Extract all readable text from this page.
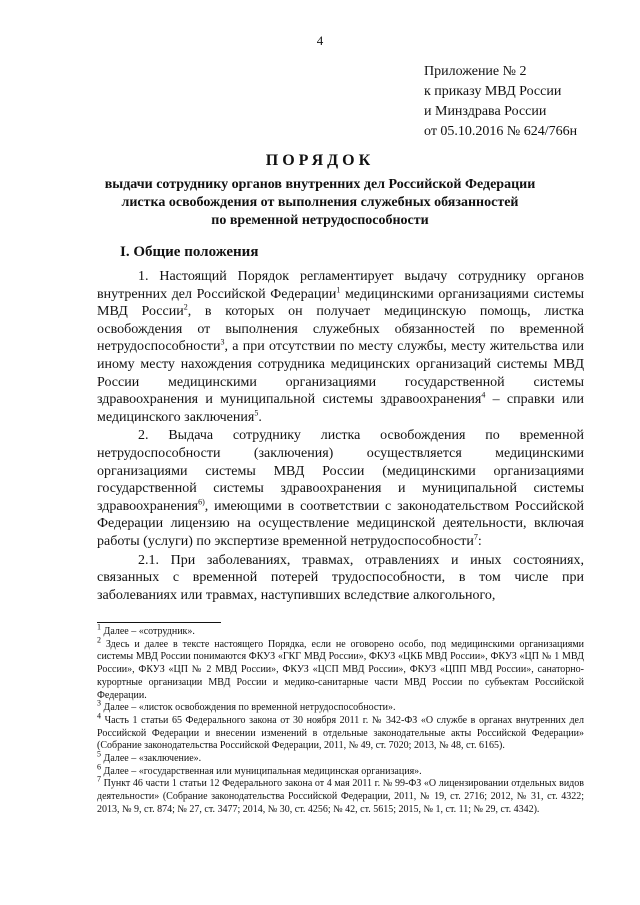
4
Приложение № 2
к приказу МВД России
и Минздрава России
от 05.10.2016 № 624/766н
ПОРЯДОК
выдачи сотруднику органов внутренних дел Российской Федерации
листка освобождения от выполнения служебных обязанностей
по временной нетрудоспособности
I. Общие положения

1. Настоящий Порядок регламентирует выдачу сотруднику органов внутренних дел Российской Федерации$^1$ медицинскими организациями системы МВД России$^2$, в которых он получает медицинскую помощь, листка освобождения от выполнения служебных обязанностей по временной нетрудоспособности$^3$, а при отсутствии по месту службы, месту жительства или иному месту нахождения сотрудника медицинских организаций системы МВД России медицинскими организациями государственной системы здравоохранения и муниципальной системы здравоохранения$^4$ – справки или медицинского заключения$^5$.

2. Выдача сотруднику листка освобождения по временной нетрудоспособности (заключения) осуществляется медицинскими организациями системы МВД России (медицинскими организациями государственной системы здравоохранения и муниципальной системы здравоохранения$^{6)}$, имеющими в соответствии с законодательством Российской Федерации лицензию на осуществление медицинской деятельности, включая работы (услуги) по экспертизе временной нетрудоспособности$^7$:

2.1. При заболеваниях, травмах, отравлениях и иных состояниях, связанных с временной потерей трудоспособности, в том числе при заболеваниях или травмах, наступивших вследствие алкогольного,

$^1$ Далее – «сотрудник».

$^2$ Здесь и далее в тексте настоящего Порядка, если не оговорено особо, под медицинскими организациями системы МВД России понимаются ФКУЗ «ГКГ МВД России», ФКУЗ «ЦКБ МВД России», ФКУЗ «ЦП № 1 МВД России», ФКУЗ «ЦП № 2 МВД России», ФКУЗ «ЦСП МВД России», ФКУЗ «ЦПП МВД России», санаторно-курортные организации МВД России и медико-санитарные части МВД России по субъектам Российской Федерации.

$^3$ Далее – «листок освобождения по временной нетрудоспособности».

$^4$ Часть 1 статьи 65 Федерального закона от 30 ноября 2011 г. № 342-ФЗ «О службе в органах внутренних дел Российской Федерации и внесении изменений в отдельные законодательные акты Российской Федерации» (Собрание законодательства Российской Федерации, 2011, № 49, ст. 7020; 2013, № 48, ст. 6165).

$^5$ Далее – «заключение».

$^6$ Далее – «государственная или муниципальная медицинская организация».

$^7$ Пункт 46 части 1 статьи 12 Федерального закона от 4 мая 2011 г. № 99-ФЗ «О лицензировании отдельных видов деятельности» (Собрание законодательства Российской Федерации, 2011, № 19, ст. 2716; 2012, № 31, ст. 4322; 2013, № 9, ст. 874; № 27, ст. 3477; 2014, № 30, ст. 4256; № 42, ст. 5615; 2015, № 1, ст. 11; № 29, ст. 4342).
